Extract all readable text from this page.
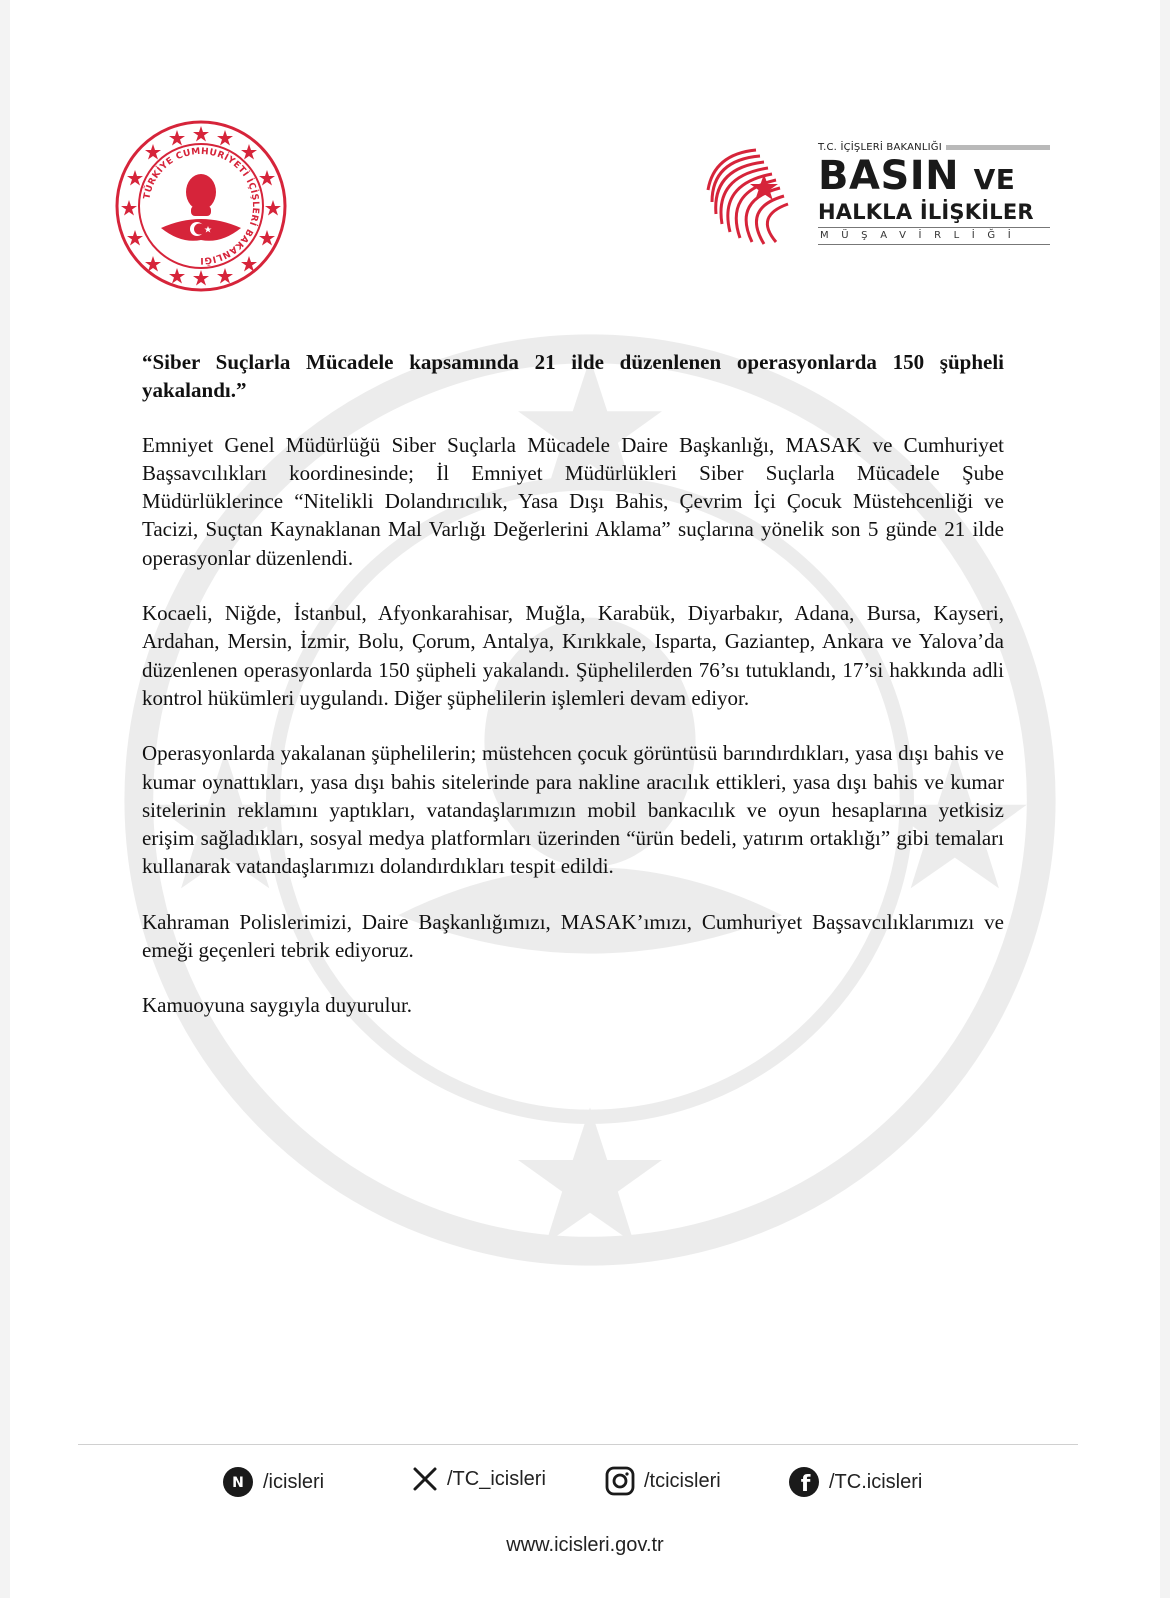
TÜRKİYE CUMHURİYETİ İÇİŞLERİ BAKANLIĞI
T.C. İÇİŞLERİ BAKANLIĞI
BASIN VE
HALKLA İLİŞKİLER
MÜŞAVİRLİĞİ

“Siber Suçlarla Mücadele kapsamında 21 ilde düzenlenen operasyonlarda 150 şüpheli yakalandı.”

Emniyet Genel Müdürlüğü Siber Suçlarla Mücadele Daire Başkanlığı, MASAK ve Cumhuriyet Başsavcılıkları koordinesinde; İl Emniyet Müdürlükleri Siber Suçlarla Mücadele Şube Müdürlüklerince “Nitelikli Dolandırıcılık, Yasa Dışı Bahis, Çevrim İçi Çocuk Müstehcenliği ve Tacizi, Suçtan Kaynaklanan Mal Varlığı Değerlerini Aklama” suçlarına yönelik son 5 günde 21 ilde operasyonlar düzenlendi.

Kocaeli, Niğde, İstanbul, Afyonkarahisar, Muğla, Karabük, Diyarbakır, Adana, Bursa, Kayseri, Ardahan, Mersin, İzmir, Bolu, Çorum, Antalya, Kırıkkale, Isparta, Gaziantep, Ankara ve Yalova’da düzenlenen operasyonlarda 150 şüpheli yakalandı. Şüphelilerden 76’sı tutuklandı, 17’si hakkında adli kontrol hükümleri uygulandı. Diğer şüphelilerin işlemleri devam ediyor.

Operasyonlarda yakalanan şüphelilerin; müstehcen çocuk görüntüsü barındırdıkları, yasa dışı bahis ve kumar oynattıkları, yasa dışı bahis sitelerinde para nakline aracılık ettikleri, yasa dışı bahis ve kumar sitelerinin reklamını yaptıkları, vatandaşlarımızın mobil bankacılık ve oyun hesaplarına yetkisiz erişim sağladıkları, sosyal medya platformları üzerinden “ürün bedeli, yatırım ortaklığı” gibi temaları kullanarak vatandaşlarımızı dolandırdıkları tespit edildi.

Kahraman Polislerimizi, Daire Başkanlığımızı, MASAK’ımızı, Cumhuriyet Başsavcılıklarımızı ve emeği geçenleri tebrik ediyoruz.

Kamuoyuna saygıyla duyurulur.

N /icisleri	/TC_icisleri	/tcicisleri	f /TC.icisleri
www.icisleri.gov.tr
